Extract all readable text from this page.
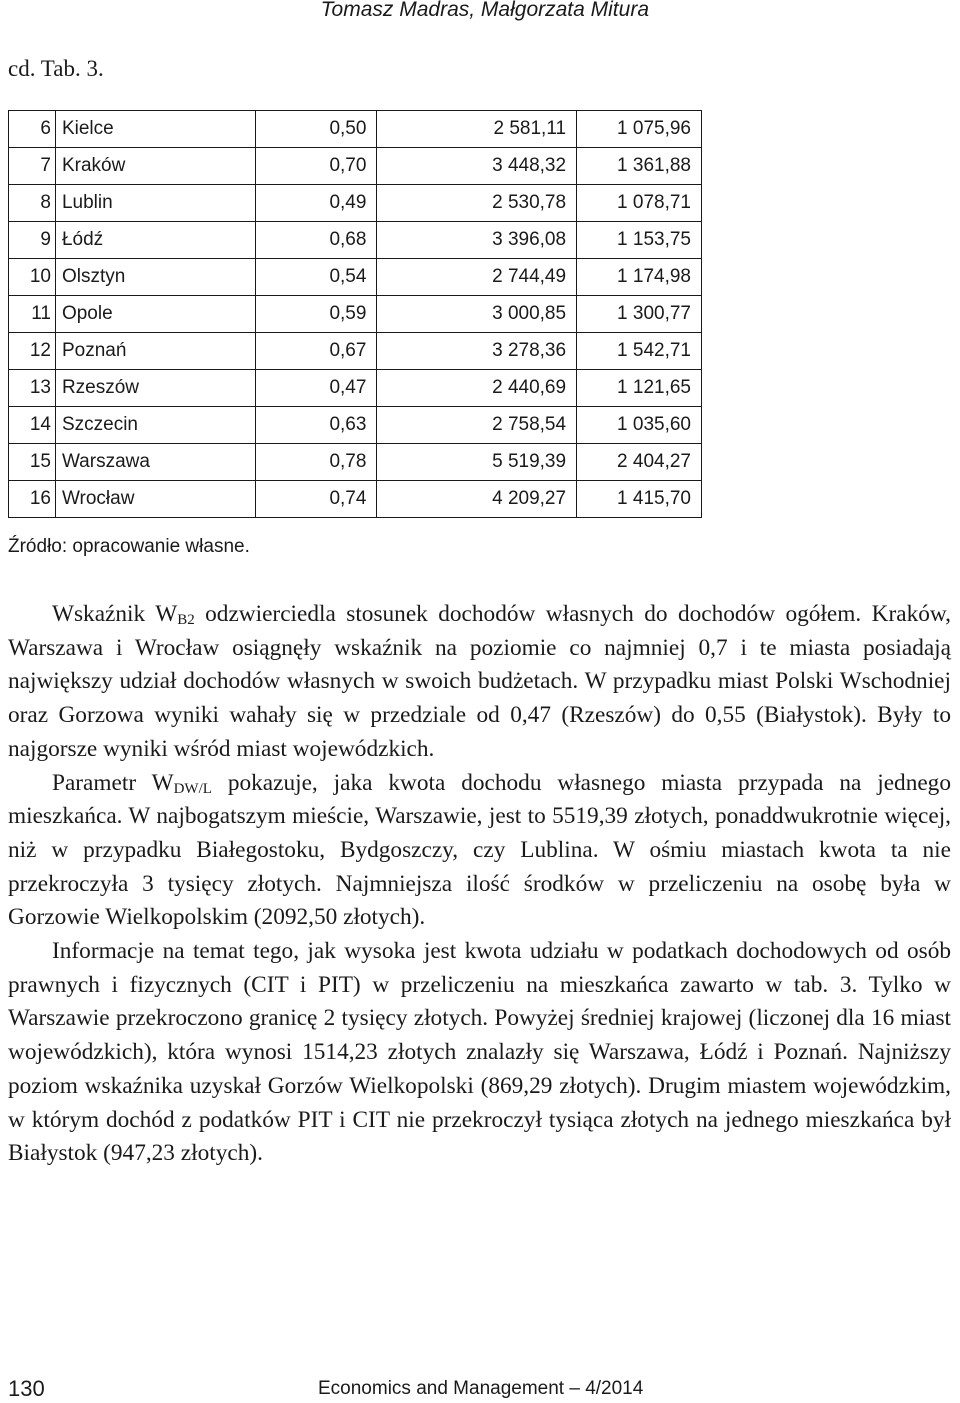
Tomasz Madras, Małgorzata Mitura
cd. Tab. 3.
6	Kielce	0,50	2 581,11	1 075,96
7	Kraków	0,70	3 448,32	1 361,88
8	Lublin	0,49	2 530,78	1 078,71
9	Łódź	0,68	3 396,08	1 153,75
10	Olsztyn	0,54	2 744,49	1 174,98
11	Opole	0,59	3 000,85	1 300,77
12	Poznań	0,67	3 278,36	1 542,71
13	Rzeszów	0,47	2 440,69	1 121,65
14	Szczecin	0,63	2 758,54	1 035,60
15	Warszawa	0,78	5 519,39	2 404,27
16	Wrocław	0,74	4 209,27	1 415,70
Źródło: opracowanie własne.

Wskaźnik $W_{B2}$ odzwierciedla stosunek dochodów własnych do dochodów ogółem. Kraków, Warszawa i Wrocław osiągnęły wskaźnik na poziomie co najmniej 0,7 i te miasta posiadają największy udział dochodów własnych w swoich budżetach. W przypadku miast Polski Wschodniej oraz Gorzowa wyniki wahały się w przedziale od 0,47 (Rzeszów) do 0,55 (Białystok). Były to najgorsze wyniki wśród miast wojewódzkich.

Parametr $W_{DW/L}$ pokazuje, jaka kwota dochodu własnego miasta przypada na jednego mieszkańca. W najbogatszym mieście, Warszawie, jest to 5519,39 złotych, ponaddwukrotnie więcej, niż w przypadku Białegostoku, Bydgoszczy, czy Lublina. W ośmiu miastach kwota ta nie przekroczyła 3 tysięcy złotych. Najmniejsza ilość środków w przeliczeniu na osobę była w Gorzowie Wielkopolskim (2092,50 złotych).

Informacje na temat tego, jak wysoka jest kwota udziału w podatkach dochodowych od osób prawnych i fizycznych (CIT i PIT) w przeliczeniu na mieszkańca zawarto w tab. 3. Tylko w Warszawie przekroczono granicę 2 tysięcy złotych. Powyżej średniej krajowej (liczonej dla 16 miast wojewódzkich), która wynosi 1514,23 złotych znalazły się Warszawa, Łódź i Poznań. Najniższy poziom wskaźnika uzyskał Gorzów Wielkopolski (869,29 złotych). Drugim miastem wojewódzkim, w którym dochód z podatków PIT i CIT nie przekroczył tysiąca złotych na jednego mieszkańca był Białystok (947,23 złotych).

130	Economics and Management – 4/2014
